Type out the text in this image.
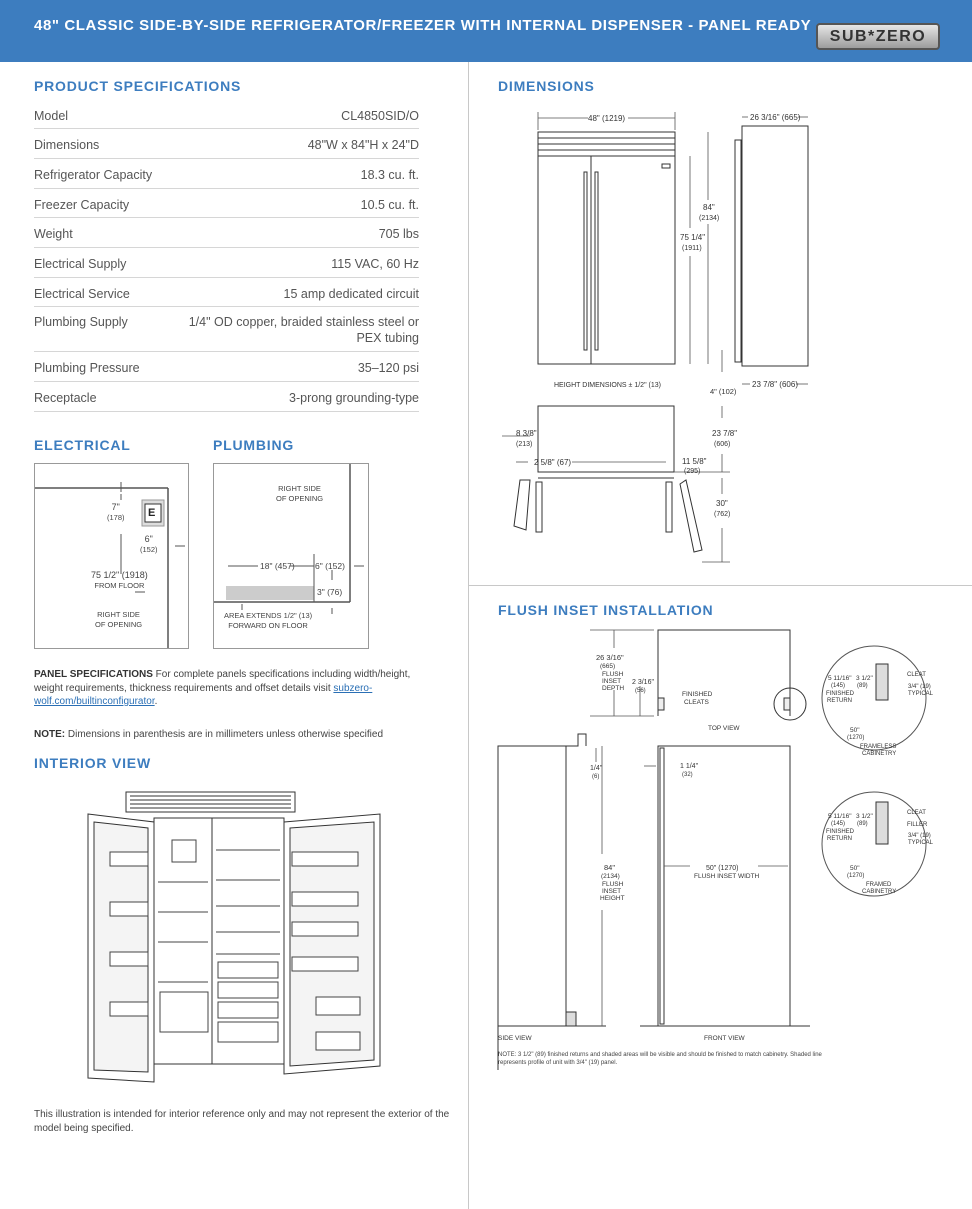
48" CLASSIC SIDE-BY-SIDE REFRIGERATOR/FREEZER WITH INTERNAL DISPENSER - PANEL READY
SUB*ZERO
PRODUCT SPECIFICATIONS
Model	CL4850SID/O
Dimensions	48"W x 84"H x 24"D
Refrigerator Capacity	18.3 cu. ft.
Freezer Capacity	10.5 cu. ft.
Weight	705 lbs
Electrical Supply	115 VAC, 60 Hz
Electrical Service	15 amp dedicated circuit
Plumbing Supply	1/4" OD copper, braided stainless steel or PEX tubing
Plumbing Pressure	35–120 psi
Receptacle	3-prong grounding-type
ELECTRICAL
7"
(178) E
6"
(152)
75 1/2" (1918)
FROM FLOOR
RIGHT SIDE
OF OPENING
PLUMBING
RIGHT SIDE
OF OPENING
18" (457) 6" (152)
3" (76)
AREA EXTENDS 1/2" (13)
FORWARD ON FLOOR
PANEL SPECIFICATIONS For complete panels specifications including width/height, weight requirements, thickness requirements and offset details visit subzero-wolf.com/builtinconfigurator.
NOTE: Dimensions in parenthesis are in millimeters unless otherwise specified
INTERIOR VIEW
This illustration is intended for interior reference only and may not represent the exterior of the model being specified.
DIMENSIONS
48" (1219)	26 3/16" (665)
84"
(2134)
75 1/4"
(1911)
HEIGHT DIMENSIONS ± 1/2" (13)
4" (102)
23 7/8" (606)
23 7/8"
(606)
8 3/8"
(213)
2 5/8" (67)	11 5/8"
(295)
30"
(762)
FLUSH INSET INSTALLATION
26 3/16"
(665)
FLUSH
INSET
DEPTH
2 3/16"
(56)	FINISHED
CLEATS
TOP VIEW
1/4"
(6)
1 1/4"
(32)
84"
(2134)
FLUSH
INSET
HEIGHT
50" (1270)
FLUSH INSET WIDTH
SIDE VIEW	FRONT VIEW
5 11/16"
(145)
3 1/2"
(89)
FINISHED
RETURN
CLEAT
3/4" (19)
TYPICAL
50"
(1270)
FRAMELESS
CABINETRY
5 11/16"
(145)
3 1/2"
(89)
FINISHED
RETURN
CLEAT
FILLER
3/4" (19)
TYPICAL
50"
(1270)
FRAMED
CABINETRY
NOTE: 3 1/2" (89) finished returns and shaded areas will be visible and should be finished to match cabinetry. Shaded line represents profile of unit with 3/4" (19) panel.
